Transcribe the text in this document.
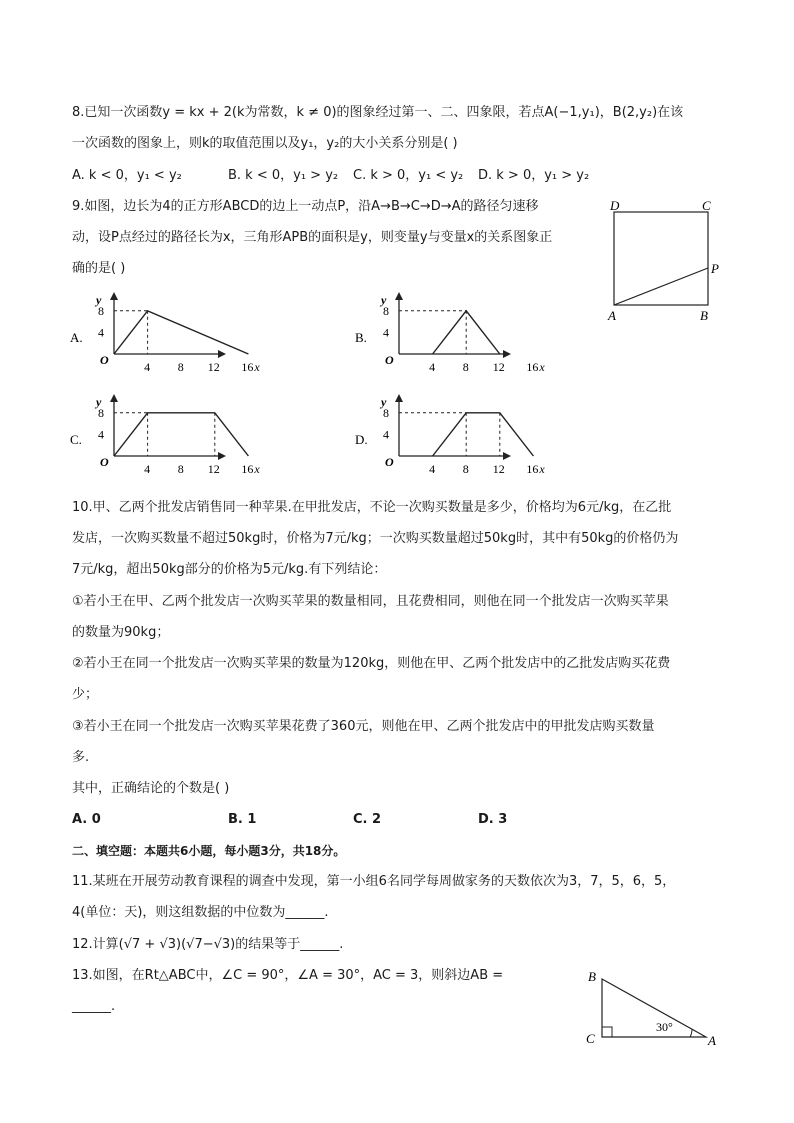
8.已知一次函数y = kx + 2(k为常数，k ≠ 0)的图象经过第一、二、四象限，若点A(−1,y₁)，B(2,y₂)在该
一次函数的图象上，则k的取值范围以及y₁，y₂的大小关系分别是( )
A. k < 0，y₁ < y₂	B. k < 0，y₁ > y₂ C. k > 0，y₁ < y₂ D. k > 0，y₁ > y₂
9.如图，边长为4的正方形ABCD的边上一动点P，沿A→B→C→D→A的路径匀速移
动，设P点经过的路径长为x，三角形APB的面积是y，则变量y与变量x的关系图象正
确的是( )
D	C
P
A	B
A.
y
O
8
4
4 8 12 16 x
B.
y
O
8
4
4 8 12 16 x
C.
y
O
8
4
4 8 12 16 x
D.
y
O
8
4
4 8 12 16 x
10.甲、乙两个批发店销售同一种苹果.在甲批发店，不论一次购买数量是多少，价格均为6元/kg，在乙批
发店，一次购买数量不超过50kg时，价格为7元/kg；一次购买数量超过50kg时，其中有50kg的价格仍为
7元/kg，超出50kg部分的价格为5元/kg.有下列结论：
①若小王在甲、乙两个批发店一次购买苹果的数量相同，且花费相同，则他在同一个批发店一次购买苹果
的数量为90kg；
②若小王在同一个批发店一次购买苹果的数量为120kg，则他在甲、乙两个批发店中的乙批发店购买花费
少；
③若小王在同一个批发店一次购买苹果花费了360元，则他在甲、乙两个批发店中的甲批发店购买数量
多.
其中，正确结论的个数是( )
A. 0	B. 1	C. 2	D. 3
二、填空题：本题共6小题，每小题3分，共18分。
11.某班在开展劳动教育课程的调查中发现，第一小组6名同学每周做家务的天数依次为3，7，5，6，5，
4(单位：天)，则这组数据的中位数为______.
12.计算(√7 + √3)(√7−√3)的结果等于______.
13.如图，在Rt△ABC中，∠C = 90°，∠A = 30°，AC = 3，则斜边AB =
______.
B
C	A
30°
